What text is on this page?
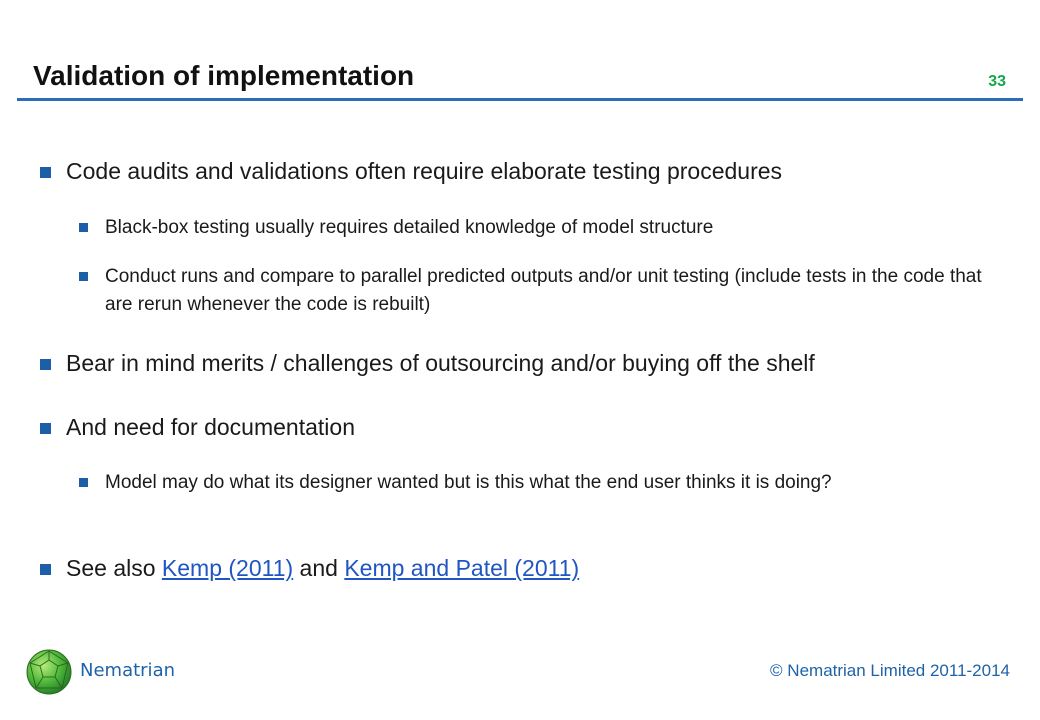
Validation of implementation	33
Code audits and validations often require elaborate testing procedures
Black-box testing usually requires detailed knowledge of model structure
Conduct runs and compare to parallel predicted outputs and/or unit testing (include tests in the code that are rerun whenever the code is rebuilt)
Bear in mind merits / challenges of outsourcing and/or buying off the shelf
And need for documentation
Model may do what its designer wanted but is this what the end user thinks it is doing?
See also Kemp (2011) and Kemp and Patel (2011)
Nematrian	© Nematrian Limited 2011-2014
